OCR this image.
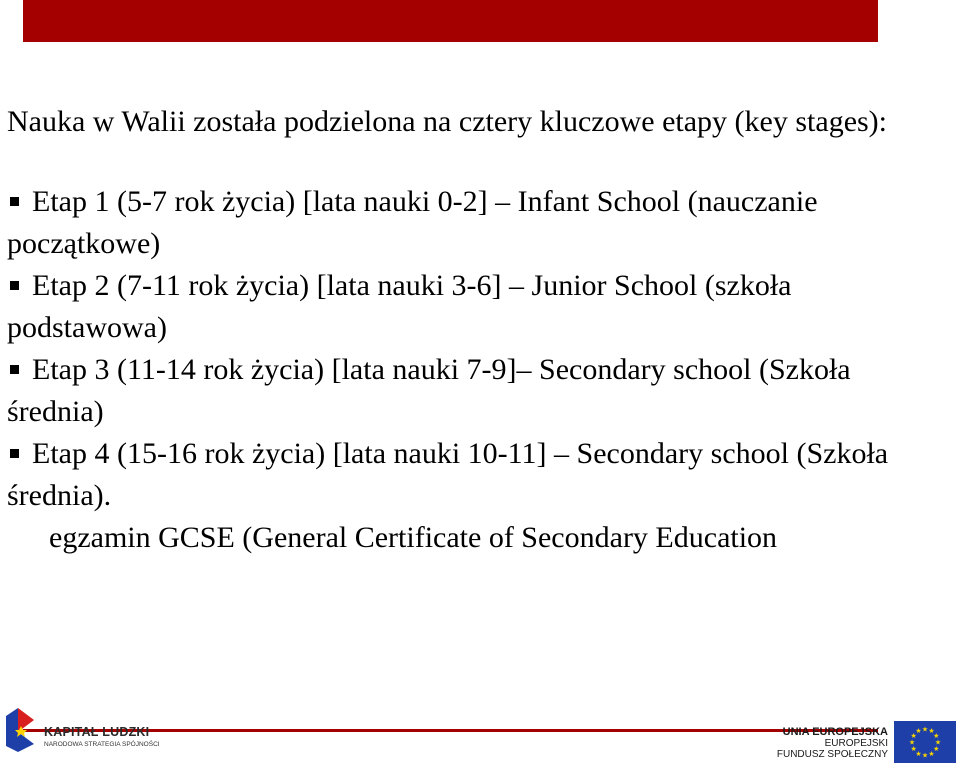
Nauka w Walii została podzielona na cztery kluczowe etapy (key stages):

Etap 1 (5-7 rok życia) [lata nauki 0-2] – Infant School (nauczanie początkowe)

Etap 2 (7-11 rok życia) [lata nauki 3-6] – Junior School (szkoła podstawowa)

Etap 3 (11-14 rok życia) [lata nauki 7-9]– Secondary school (Szkoła średnia)

Etap 4 (15-16 rok życia) [lata nauki 10-11] – Secondary school (Szkoła średnia).

egzamin GCSE (General Certificate of Secondary Education

KAPITAŁ LUDZKI
NARODOWA STRATEGIA SPÓJNOŚCI
UNIA EUROPEJSKA
EUROPEJSKI
FUNDUSZ SPOŁECZNY
★ ★
★
★
★
★
★
★
★
★
★
★
